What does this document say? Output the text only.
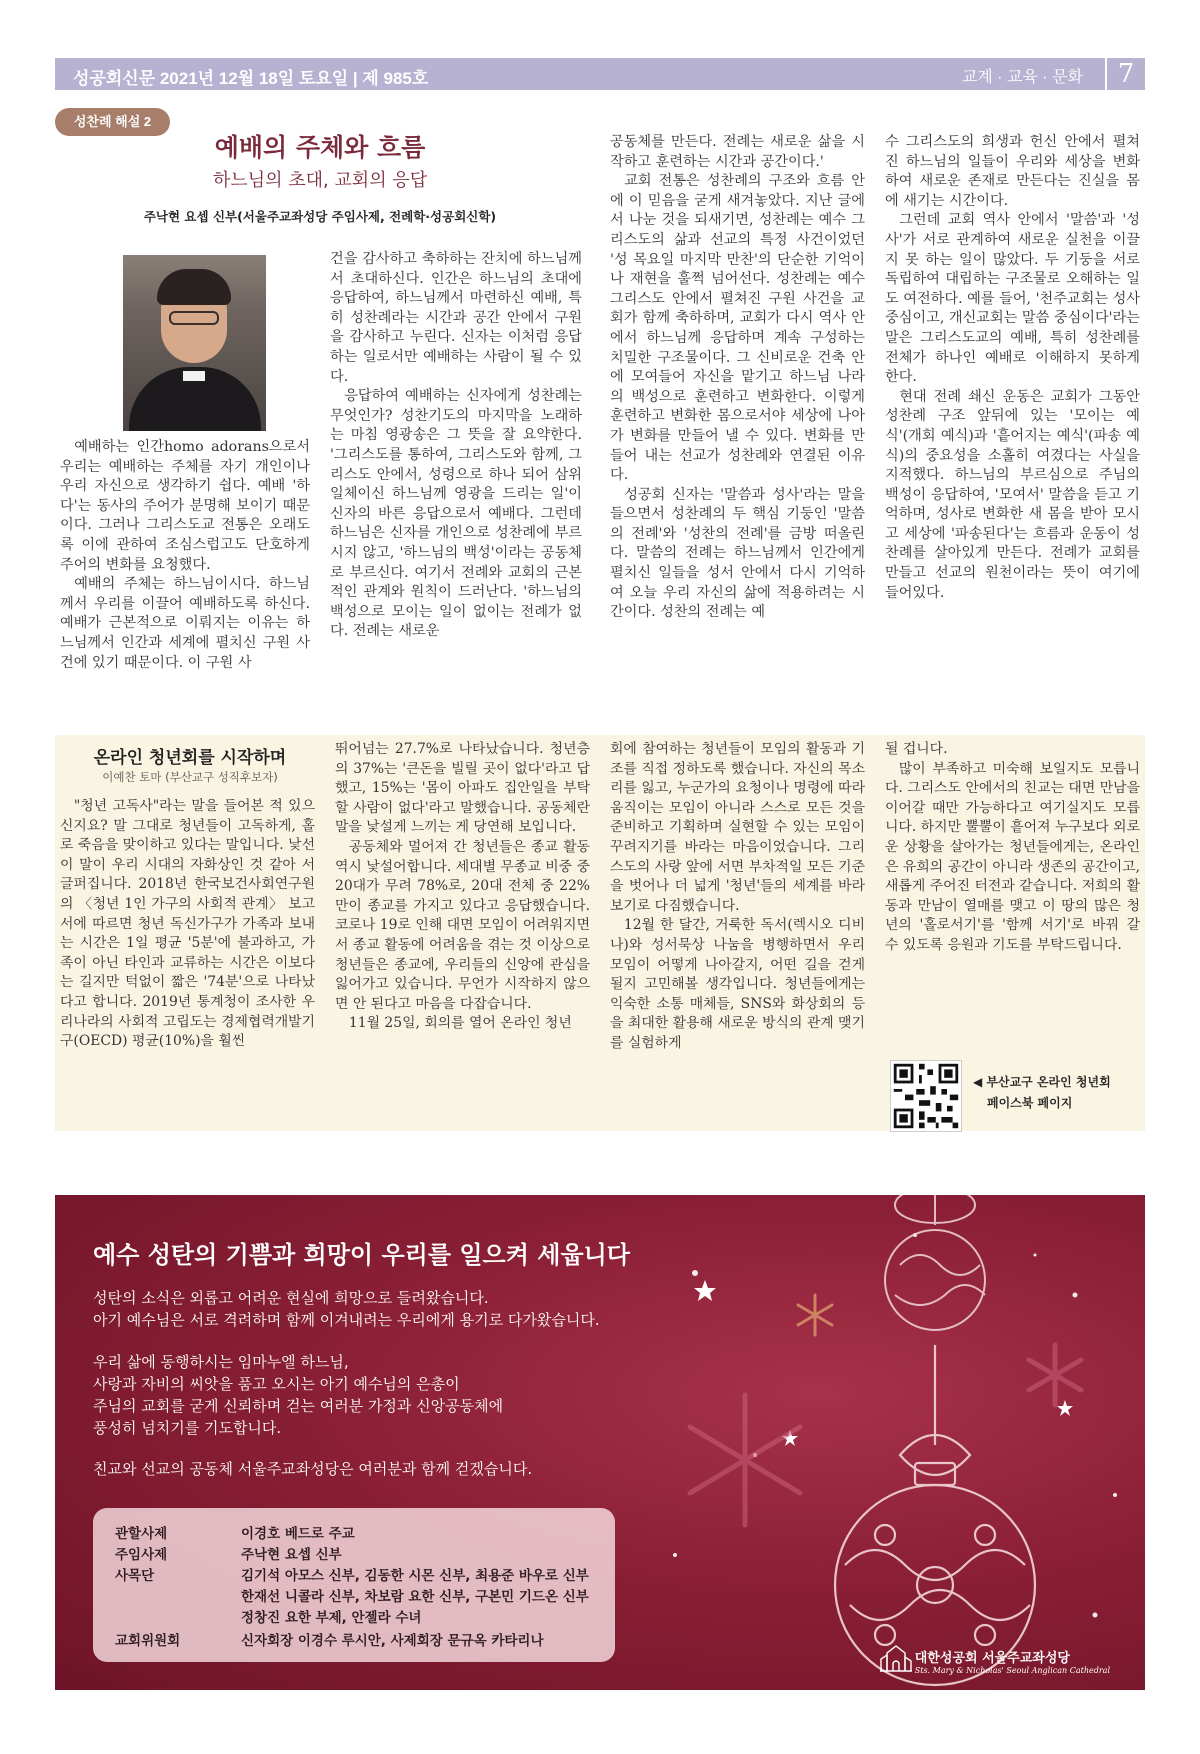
성공회신문 2021년 12월 18일 토요일 | 제 985호	교계 · 교육 · 문화	7
성찬례 해설 2
예배의 주체와 흐름
하느님의 초대, 교회의 응답
주낙현 요셉 신부(서울주교좌성당 주임사제, 전례학·성공회신학)

예배하는 인간homo adorans으로서 우리는 예배하는 주체를 자기 개인이나 우리 자신으로 생각하기 쉽다. 예배 '하다'는 동사의 주어가 분명해 보이기 때문이다. 그러나 그리스도교 전통은 오래도록 이에 관하여 조심스럽고도 단호하게 주어의 변화를 요청했다.

예배의 주체는 하느님이시다. 하느님께서 우리를 이끌어 예배하도록 하신다. 예배가 근본적으로 이뤄지는 이유는 하느님께서 인간과 세계에 펼치신 구원 사건에 있기 때문이다. 이 구원 사

건을 감사하고 축하하는 잔치에 하느님께서 초대하신다. 인간은 하느님의 초대에 응답하여, 하느님께서 마련하신 예배, 특히 성찬례라는 시간과 공간 안에서 구원을 감사하고 누린다. 신자는 이처럼 응답하는 일로서만 예배하는 사람이 될 수 있다.

응답하여 예배하는 신자에게 성찬례는 무엇인가? 성찬기도의 마지막을 노래하는 마침 영광송은 그 뜻을 잘 요약한다. '그리스도를 통하여, 그리스도와 함께, 그리스도 안에서, 성령으로 하나 되어 삼위일체이신 하느님께 영광을 드리는 일'이 신자의 바른 응답으로서 예배다. 그런데 하느님은 신자를 개인으로 성찬례에 부르시지 않고, '하느님의 백성'이라는 공동체로 부르신다. 여기서 전례와 교회의 근본적인 관계와 원칙이 드러난다. '하느님의 백성으로 모이는 일이 없이는 전례가 없다. 전례는 새로운

공동체를 만든다. 전례는 새로운 삶을 시작하고 훈련하는 시간과 공간이다.'

교회 전통은 성찬례의 구조와 흐름 안에 이 믿음을 굳게 새겨놓았다. 지난 글에서 나눈 것을 되새기면, 성찬례는 예수 그리스도의 삶과 선교의 특정 사건이었던 '성 목요일 마지막 만찬'의 단순한 기억이나 재현을 훌쩍 넘어선다. 성찬례는 예수 그리스도 안에서 펼쳐진 구원 사건을 교회가 함께 축하하며, 교회가 다시 역사 안에서 하느님께 응답하며 계속 구성하는 치밀한 구조물이다. 그 신비로운 건축 안에 모여들어 자신을 맡기고 하느님 나라의 백성으로 훈련하고 변화한다. 이렇게 훈련하고 변화한 몸으로서야 세상에 나아가 변화를 만들어 낼 수 있다. 변화를 만들어 내는 선교가 성찬례와 연결된 이유다.

성공회 신자는 '말씀과 성사'라는 말을 들으면서 성찬례의 두 핵심 기둥인 '말씀의 전례'와 '성찬의 전례'를 금방 떠올린다. 말씀의 전례는 하느님께서 인간에게 펼치신 일들을 성서 안에서 다시 기억하여 오늘 우리 자신의 삶에 적용하려는 시간이다. 성찬의 전례는 예

수 그리스도의 희생과 헌신 안에서 펼쳐진 하느님의 일들이 우리와 세상을 변화하여 새로운 존재로 만든다는 진실을 몸에 새기는 시간이다.

그런데 교회 역사 안에서 '말씀'과 '성사'가 서로 관계하여 새로운 실천을 이끌지 못 하는 일이 많았다. 두 기둥을 서로 독립하여 대립하는 구조물로 오해하는 일도 여전하다. 예를 들어, '천주교회는 성사 중심이고, 개신교회는 말씀 중심이다'라는 말은 그리스도교의 예배, 특히 성찬례를 전체가 하나인 예배로 이해하지 못하게 한다.

현대 전례 쇄신 운동은 교회가 그동안 성찬례 구조 앞뒤에 있는 '모이는 예식'(개회 예식)과 '흩어지는 예식'(파송 예식)의 중요성을 소홀히 여겼다는 사실을 지적했다. 하느님의 부르심으로 주님의 백성이 응답하여, '모여서' 말씀을 듣고 기억하며, 성사로 변화한 새 몸을 받아 모시고 세상에 '파송된다'는 흐름과 운동이 성찬례를 살아있게 만든다. 전례가 교회를 만들고 선교의 원천이라는 뜻이 여기에 들어있다.

온라인 청년회를 시작하며
이예찬 토마 (부산교구 성직후보자)

"청년 고독사"라는 말을 들어본 적 있으신지요? 말 그대로 청년들이 고독하게, 홀로 죽음을 맞이하고 있다는 말입니다. 낯선 이 말이 우리 시대의 자화상인 것 같아 서글퍼집니다. 2018년 한국보건사회연구원의 〈청년 1인 가구의 사회적 관계〉 보고서에 따르면 청년 독신가구가 가족과 보내는 시간은 1일 평균 '5분'에 불과하고, 가족이 아닌 타인과 교류하는 시간은 이보다는 길지만 턱없이 짧은 '74분'으로 나타났다고 합니다. 2019년 통계청이 조사한 우리나라의 사회적 고립도는 경제협력개발기구(OECD) 평균(10%)을 훨씬

뛰어넘는 27.7%로 나타났습니다. 청년층의 37%는 '큰돈을 빌릴 곳이 없다'라고 답했고, 15%는 '몸이 아파도 집안일을 부탁할 사람이 없다'라고 말했습니다. 공동체란 말을 낯설게 느끼는 게 당연해 보입니다.

공동체와 멀어져 간 청년들은 종교 활동 역시 낯설어합니다. 세대별 무종교 비중 중 20대가 무려 78%로, 20대 전체 중 22%만이 종교를 가지고 있다고 응답했습니다. 코로나 19로 인해 대면 모임이 어려워지면서 종교 활동에 어려움을 겪는 것 이상으로 청년들은 종교에, 우리들의 신앙에 관심을 잃어가고 있습니다. 무언가 시작하지 않으면 안 된다고 마음을 다잡습니다.

11월 25일, 회의를 열어 온라인 청년

회에 참여하는 청년들이 모임의 활동과 기조를 직접 정하도록 했습니다. 자신의 목소리를 잃고, 누군가의 요청이나 명령에 따라 움직이는 모임이 아니라 스스로 모든 것을 준비하고 기획하며 실현할 수 있는 모임이 꾸려지기를 바라는 마음이었습니다. 그리스도의 사랑 앞에 서면 부차적일 모든 기준을 벗어나 더 넓게 '청년'들의 세계를 바라보기로 다짐했습니다.

12월 한 달간, 거룩한 독서(렉시오 디비나)와 성서묵상 나눔을 병행하면서 우리 모임이 어떻게 나아갈지, 어떤 길을 걷게 될지 고민해볼 생각입니다. 청년들에게는 익숙한 소통 매체들, SNS와 화상회의 등을 최대한 활용해 새로운 방식의 관계 맺기를 실험하게

될 겁니다.

많이 부족하고 미숙해 보일지도 모릅니다. 그리스도 안에서의 친교는 대면 만남을 이어갈 때만 가능하다고 여기실지도 모릅니다. 하지만 뿔뿔이 흩어져 누구보다 외로운 상황을 살아가는 청년들에게는, 온라인은 유희의 공간이 아니라 생존의 공간이고, 새롭게 주어진 터전과 같습니다. 저희의 활동과 만남이 열매를 맺고 이 땅의 많은 청년의 '홀로서기'를 '함께 서기'로 바꿔 갈 수 있도록 응원과 기도를 부탁드립니다.

◀ 부산교구 온라인 청년회
페이스북 페이지
예수 성탄의 기쁨과 희망이 우리를 일으켜 세웁니다
성탄의 소식은 외롭고 어려운 현실에 희망으로 들려왔습니다.
아기 예수님은 서로 격려하며 함께 이겨내려는 우리에게 용기로 다가왔습니다.
우리 삶에 동행하시는 임마누엘 하느님,
사랑과 자비의 씨앗을 품고 오시는 아기 예수님의 은총이
주님의 교회를 굳게 신뢰하며 걷는 여러분 가정과 신앙공동체에
풍성히 넘치기를 기도합니다.
친교와 선교의 공동체 서울주교좌성당은 여러분과 함께 걷겠습니다.
관할사제	이경호 베드로 주교
주임사제	주낙현 요셉 신부
사목단	김기석 아모스 신부, 김동한 시몬 신부, 최용준 바우로 신부
한재선 니콜라 신부, 차보람 요한 신부, 구본민 기드온 신부
정창진 요한 부제, 안젤라 수녀
교회위원회	신자회장 이경수 루시안, 사제회장 문규옥 카타리나
대한성공회 서울주교좌성당
Sts. Mary & Nicholas' Seoul Anglican Cathedral
